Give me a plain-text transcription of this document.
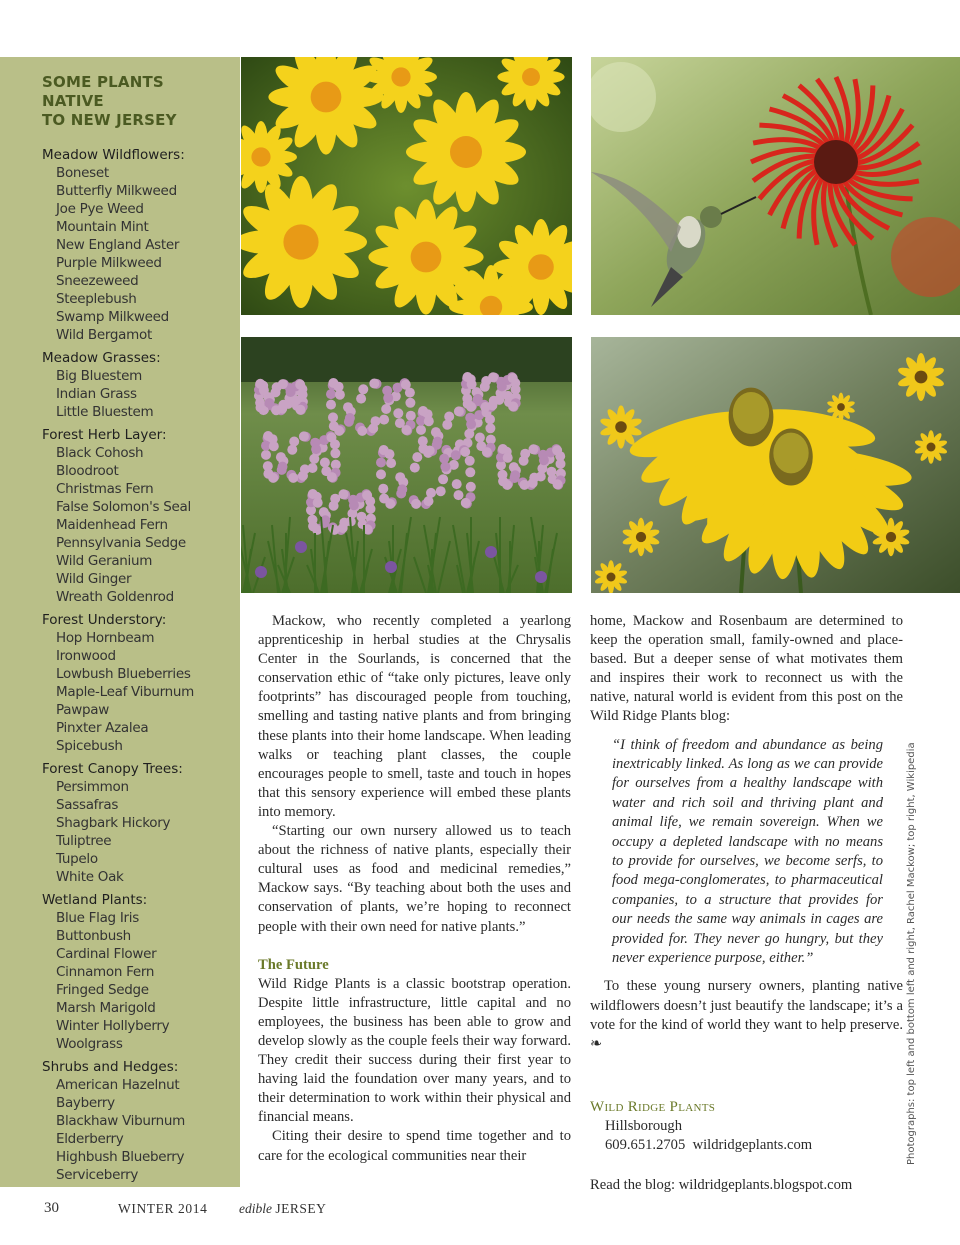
SOME PLANTS NATIVE
TO NEW JERSEY
Meadow Wildflowers:
Boneset
Butterfly Milkweed
Joe Pye Weed
Mountain Mint
New England Aster
Purple Milkweed
Sneezeweed
Steeplebush
Swamp Milkweed
Wild Bergamot
Meadow Grasses:
Big Bluestem
Indian Grass
Little Bluestem
Forest Herb Layer:
Black Cohosh
Bloodroot
Christmas Fern
False Solomon's Seal
Maidenhead Fern
Pennsylvania Sedge
Wild Geranium
Wild Ginger
Wreath Goldenrod
Forest Understory:
Hop Hornbeam
Ironwood
Lowbush Blueberries
Maple-Leaf Viburnum
Pawpaw
Pinxter Azalea
Spicebush
Forest Canopy Trees:
Persimmon
Sassafras
Shagbark Hickory
Tuliptree
Tupelo
White Oak
Wetland Plants:
Blue Flag Iris
Buttonbush
Cardinal Flower
Cinnamon Fern
Fringed Sedge
Marsh Marigold
Winter Hollyberry
Woolgrass
Shrubs and Hedges:
American Hazelnut
Bayberry
Blackhaw Viburnum
Elderberry
Highbush Blueberry
Serviceberry

Mackow, who recently completed a yearlong apprenticeship in herbal studies at the Chrysalis Center in the Sourlands, is concerned that the conservation ethic of “take only pictures, leave only footprints” has discouraged people from touching, smelling and tasting native plants and from bringing these plants into their home landscape. When leading walks or teaching plant classes, the couple encourages people to smell, taste and touch in hopes that this sensory experience will embed these plants into memory.

“Starting our own nursery allowed us to teach about the richness of native plants, especially their cultural uses as food and medicinal remedies,” Mackow says. “By teaching about both the uses and conservation of plants, we’re hoping to reconnect people with their own need for native plants.”

The Future

Wild Ridge Plants is a classic bootstrap operation. Despite little infrastructure, little capital and no employees, the business has been able to grow and develop slowly as the couple feels their way forward. They credit their success during their first year to having laid the foundation over many years, and to their determination to work within their physical and financial means.

Citing their desire to spend time together and to care for the ecological communities near their

home, Mackow and Rosenbaum are determined to keep the operation small, family-owned and place-based. But a deeper sense of what motivates them and inspires their work to reconnect us with the native, natural world is evident from this post on the Wild Ridge Plants blog:

“I think of freedom and abundance as being inextricably linked. As long as we can provide for ourselves from a healthy landscape with water and rich soil and thriving plant and animal life, we remain sovereign. When we occupy a depleted landscape with no means to provide for ourselves, we become serfs, to food mega-conglomerates, to pharmaceutical companies, to a structure that provides for our needs the same way animals in cages are provided for. They never go hungry, but they never experience purpose, either.”

To these young nursery owners, planting native wildflowers doesn’t just beautify the landscape; it’s a vote for the kind of world they want to help preserve. ❧

Wild Ridge Plants
Hillsborough
609.651.2705  wildridgeplants.com
Read the blog: wildridgeplants.blogspot.com
Photographs: top left and bottom left and right, Rachel Mackow; top right, Wikipedia
30	WINTER 2014 edible JERSEY
